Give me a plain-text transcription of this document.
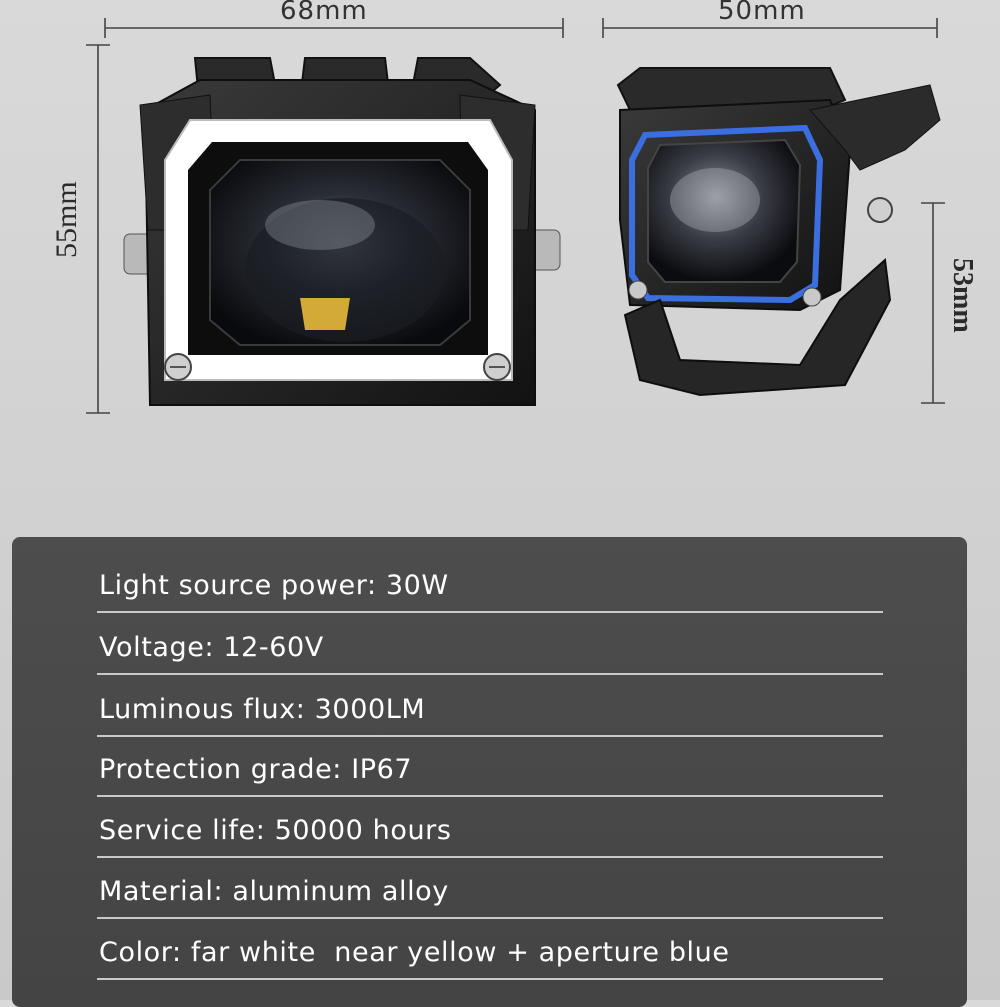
68mm	50mm
55mm
53mm
Light source power: 30W
Voltage: 12-60V
Luminous flux: 3000LM
Protection grade: IP67
Service life: 50000 hours
Material: aluminum alloy
Color: far white  near yellow + aperture blue
